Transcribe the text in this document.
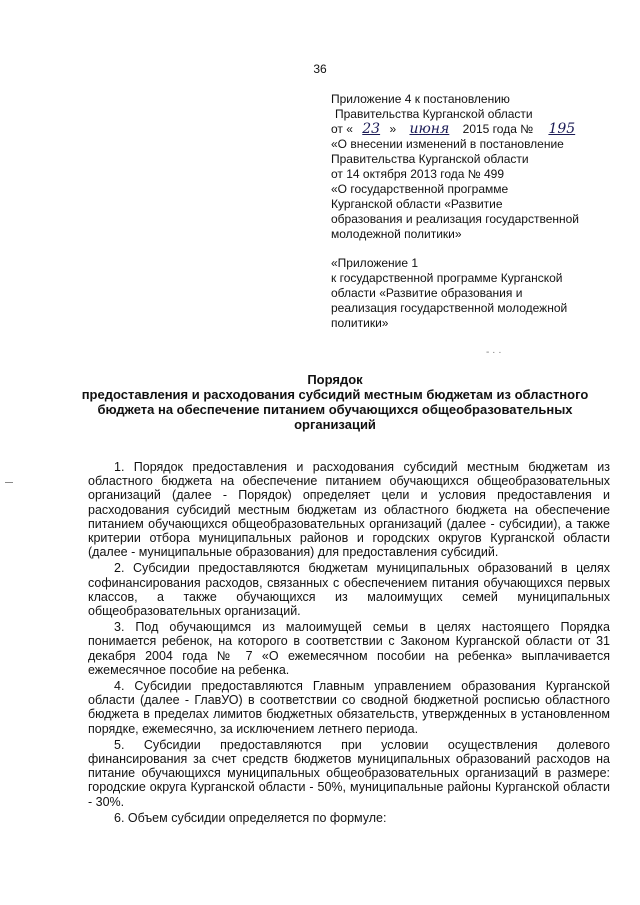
36

Приложение 4 к постановлению

Правительства Курганской области

от « 23 » июня 2015 года № 195

«О внесении изменений в постановление

Правительства Курганской области

от 14 октября 2013 года № 499

«О государственной программе

Курганской области «Развитие

образования и реализация государственной

молодежной политики»

«Приложение 1

к государственной программе Курганской

области «Развитие образования и

реализация государственной молодежной

политики»

- · ·

Порядок

предоставления и расходования субсидий местным бюджетам из областного

бюджета на обеспечение питанием обучающихся общеобразовательных

организаций

1. Порядок предоставления и расходования субсидий местным бюджетам из областного бюджета на обеспечение питанием обучающихся общеобразовательных организаций (далее - Порядок) определяет цели и условия предоставления и расходования субсидий местным бюджетам из областного бюджета на обеспечение питанием обучающихся общеобразовательных организаций (далее - субсидии), а также критерии отбора муниципальных районов и городских округов Курганской области (далее - муниципальные образования) для предоставления субсидий.

2. Субсидии предоставляются бюджетам муниципальных образований в целях софинансирования расходов, связанных с обеспечением питания обучающихся первых классов, а также обучающихся из малоимущих семей муниципальных общеобразовательных организаций.

3. Под обучающимся из малоимущей семьи в целях настоящего Порядка понимается ребенок, на которого в соответствии с Законом Курганской области от 31 декабря 2004 года № 7 «О ежемесячном пособии на ребенка» выплачивается ежемесячное пособие на ребенка.

4. Субсидии предоставляются Главным управлением образования Курганской области (далее - ГлавУО) в соответствии со сводной бюджетной росписью областного бюджета в пределах лимитов бюджетных обязательств, утвержденных в установленном порядке, ежемесячно, за исключением летнего периода.

5. Субсидии предоставляются при условии осуществления долевого финансирования за счет средств бюджетов муниципальных образований расходов на питание обучающихся муниципальных общеобразовательных организаций в размере: городские округа Курганской области - 50%, муниципальные районы Курганской области - 30%.

6. Объем субсидии определяется по формуле:
